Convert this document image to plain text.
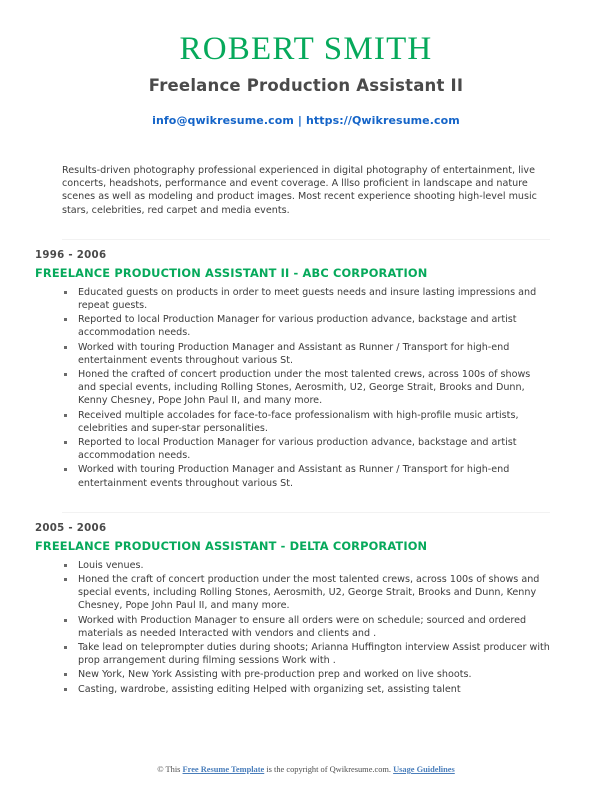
ROBERT SMITH
Freelance Production Assistant II
info@qwikresume.com | https://Qwikresume.com
Results-driven photography professional experienced in digital photography of entertainment, live concerts, headshots, performance and event coverage. A lllso proficient in landscape and nature scenes as well as modeling and product images. Most recent experience shooting high-level music stars, celebrities, red carpet and media events.
1996 - 2006
FREELANCE PRODUCTION ASSISTANT II - ABC CORPORATION
Educated guests on products in order to meet guests needs and insure lasting impressions and repeat guests.
Reported to local Production Manager for various production advance, backstage and artist accommodation needs.
Worked with touring Production Manager and Assistant as Runner / Transport for high-end entertainment events throughout various St.
Honed the crafted of concert production under the most talented crews, across 100s of shows and special events, including Rolling Stones, Aerosmith, U2, George Strait, Brooks and Dunn, Kenny Chesney, Pope John Paul II, and many more.
Received multiple accolades for face-to-face professionalism with high-profile music artists, celebrities and super-star personalities.
Reported to local Production Manager for various production advance, backstage and artist accommodation needs.
Worked with touring Production Manager and Assistant as Runner / Transport for high-end entertainment events throughout various St.
2005 - 2006
FREELANCE PRODUCTION ASSISTANT - DELTA CORPORATION
Louis venues.
Honed the craft of concert production under the most talented crews, across 100s of shows and special events, including Rolling Stones, Aerosmith, U2, George Strait, Brooks and Dunn, Kenny Chesney, Pope John Paul II, and many more.
Worked with Production Manager to ensure all orders were on schedule; sourced and ordered materials as needed Interacted with vendors and clients and .
Take lead on teleprompter duties during shoots; Arianna Huffington interview Assist producer with prop arrangement during filming sessions Work with .
New York, New York Assisting with pre-production prep and worked on live shoots.
Casting, wardrobe, assisting editing Helped with organizing set, assisting talent
© This Free Resume Template is the copyright of Qwikresume.com. Usage Guidelines
